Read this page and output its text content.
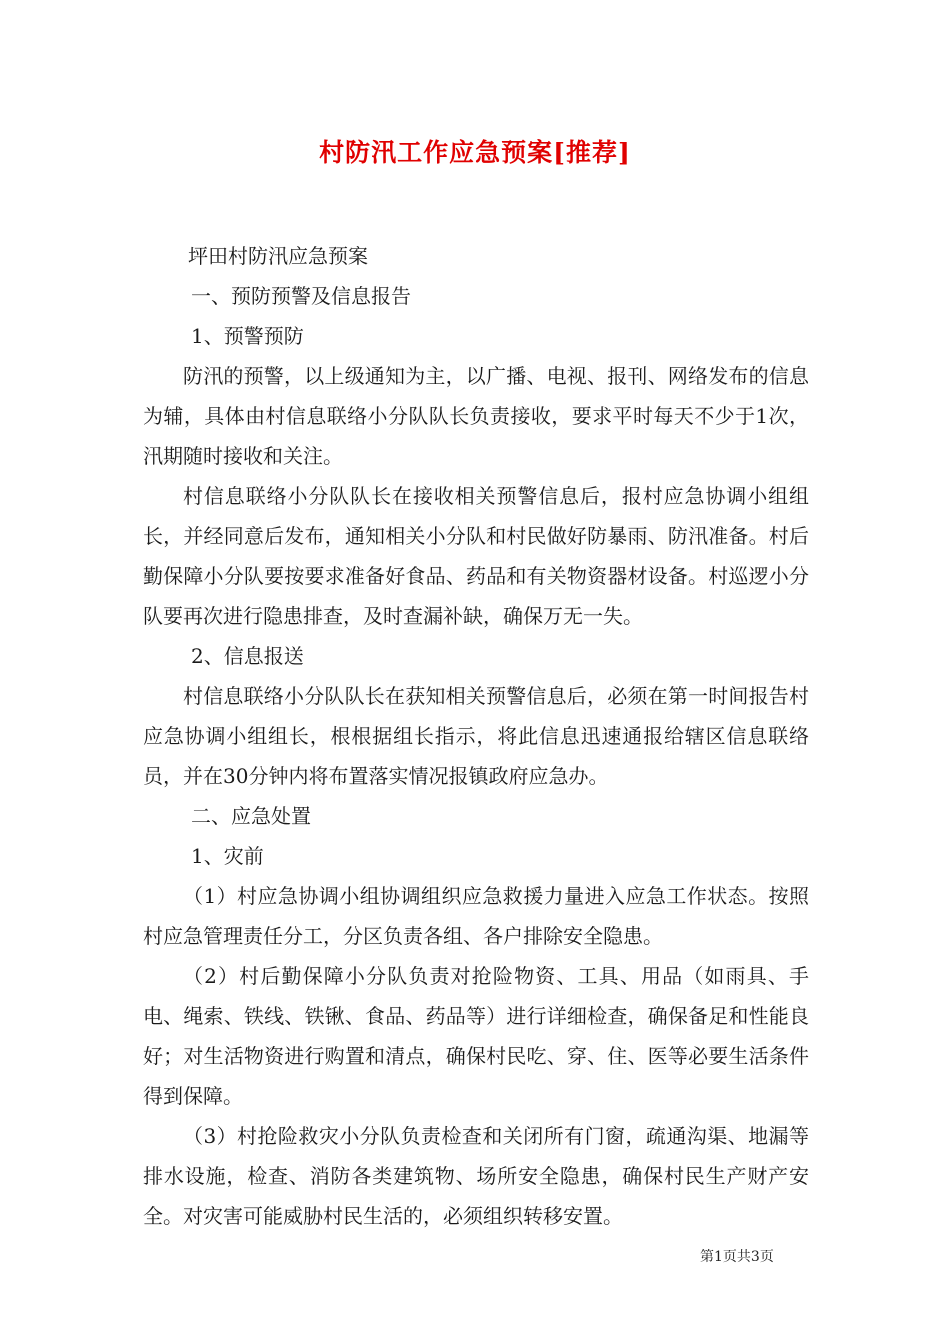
村防汛工作应急预案[推荐]

坪田村防汛应急预案

一、预防预警及信息报告

1、预警预防

防汛的预警，以上级通知为主，以广播、电视、报刊、网络发布的信息为辅，具体由村信息联络小分队队长负责接收，要求平时每天不少于1次，汛期随时接收和关注。

村信息联络小分队队长在接收相关预警信息后，报村应急协调小组组长，并经同意后发布，通知相关小分队和村民做好防暴雨、防汛准备。村后勤保障小分队要按要求准备好食品、药品和有关物资器材设备。村巡逻小分队要再次进行隐患排查，及时查漏补缺，确保万无一失。

2、信息报送

村信息联络小分队队长在获知相关预警信息后，必须在第一时间报告村应急协调小组组长，根根据组长指示，将此信息迅速通报给辖区信息联络员，并在30分钟内将布置落实情况报镇政府应急办。

二、应急处置

1、灾前

（1）村应急协调小组协调组织应急救援力量进入应急工作状态。按照村应急管理责任分工，分区负责各组、各户排除安全隐患。

（2）村后勤保障小分队负责对抢险物资、工具、用品（如雨具、手电、绳索、铁线、铁锹、食品、药品等）进行详细检查，确保备足和性能良好；对生活物资进行购置和清点，确保村民吃、穿、住、医等必要生活条件得到保障。

（3）村抢险救灾小分队负责检查和关闭所有门窗，疏通沟渠、地漏等排水设施，检查、消防各类建筑物、场所安全隐患，确保村民生产财产安全。对灾害可能威胁村民生活的，必须组织转移安置。

第1页共3页
